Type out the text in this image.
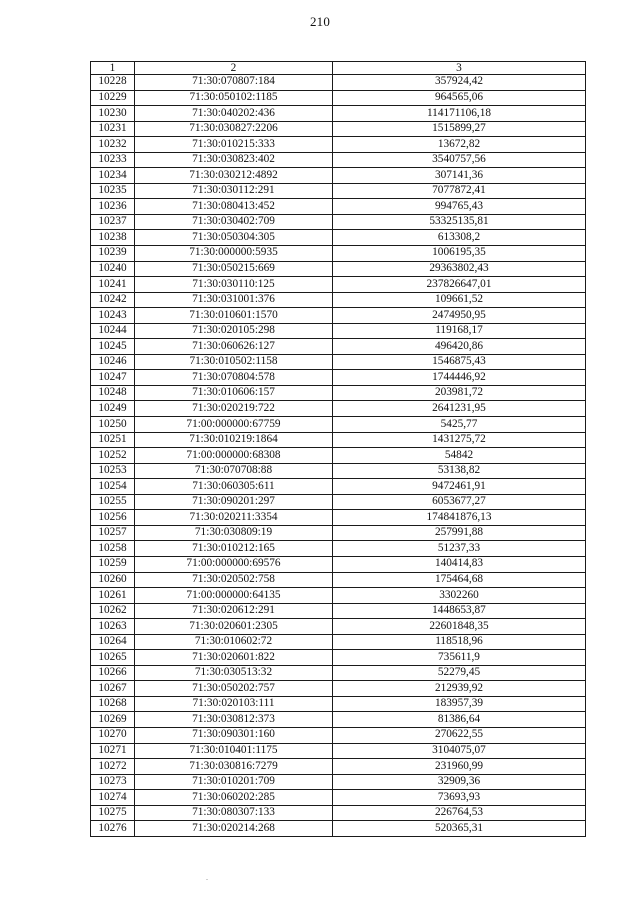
210
1	2	3
10228	71:30:070807:184	357924,42
10229	71:30:050102:1185	964565,06
10230	71:30:040202:436	114171106,18
10231	71:30:030827:2206	1515899,27
10232	71:30:010215:333	13672,82
10233	71:30:030823:402	3540757,56
10234	71:30:030212:4892	307141,36
10235	71:30:030112:291	7077872,41
10236	71:30:080413:452	994765,43
10237	71:30:030402:709	53325135,81
10238	71:30:050304:305	613308,2
10239	71:30:000000:5935	1006195,35
10240	71:30:050215:669	29363802,43
10241	71:30:030110:125	237826647,01
10242	71:30:031001:376	109661,52
10243	71:30:010601:1570	2474950,95
10244	71:30:020105:298	119168,17
10245	71:30:060626:127	496420,86
10246	71:30:010502:1158	1546875,43
10247	71:30:070804:578	1744446,92
10248	71:30:010606:157	203981,72
10249	71:30:020219:722	2641231,95
10250	71:00:000000:67759	5425,77
10251	71:30:010219:1864	1431275,72
10252	71:00:000000:68308	54842
10253	71:30:070708:88	53138,82
10254	71:30:060305:611	9472461,91
10255	71:30:090201:297	6053677,27
10256	71:30:020211:3354	174841876,13
10257	71:30:030809:19	257991,88
10258	71:30:010212:165	51237,33
10259	71:00:000000:69576	140414,83
10260	71:30:020502:758	175464,68
10261	71:00:000000:64135	3302260
10262	71:30:020612:291	1448653,87
10263	71:30:020601:2305	22601848,35
10264	71:30:010602:72	118518,96
10265	71:30:020601:822	735611,9
10266	71:30:030513:32	52279,45
10267	71:30:050202:757	212939,92
10268	71:30:020103:111	183957,39
10269	71:30:030812:373	81386,64
10270	71:30:090301:160	270622,55
10271	71:30:010401:1175	3104075,07
10272	71:30:030816:7279	231960,99
10273	71:30:010201:709	32909,36
10274	71:30:060202:285	73693,93
10275	71:30:080307:133	226764,53
10276	71:30:020214:268	520365,31
